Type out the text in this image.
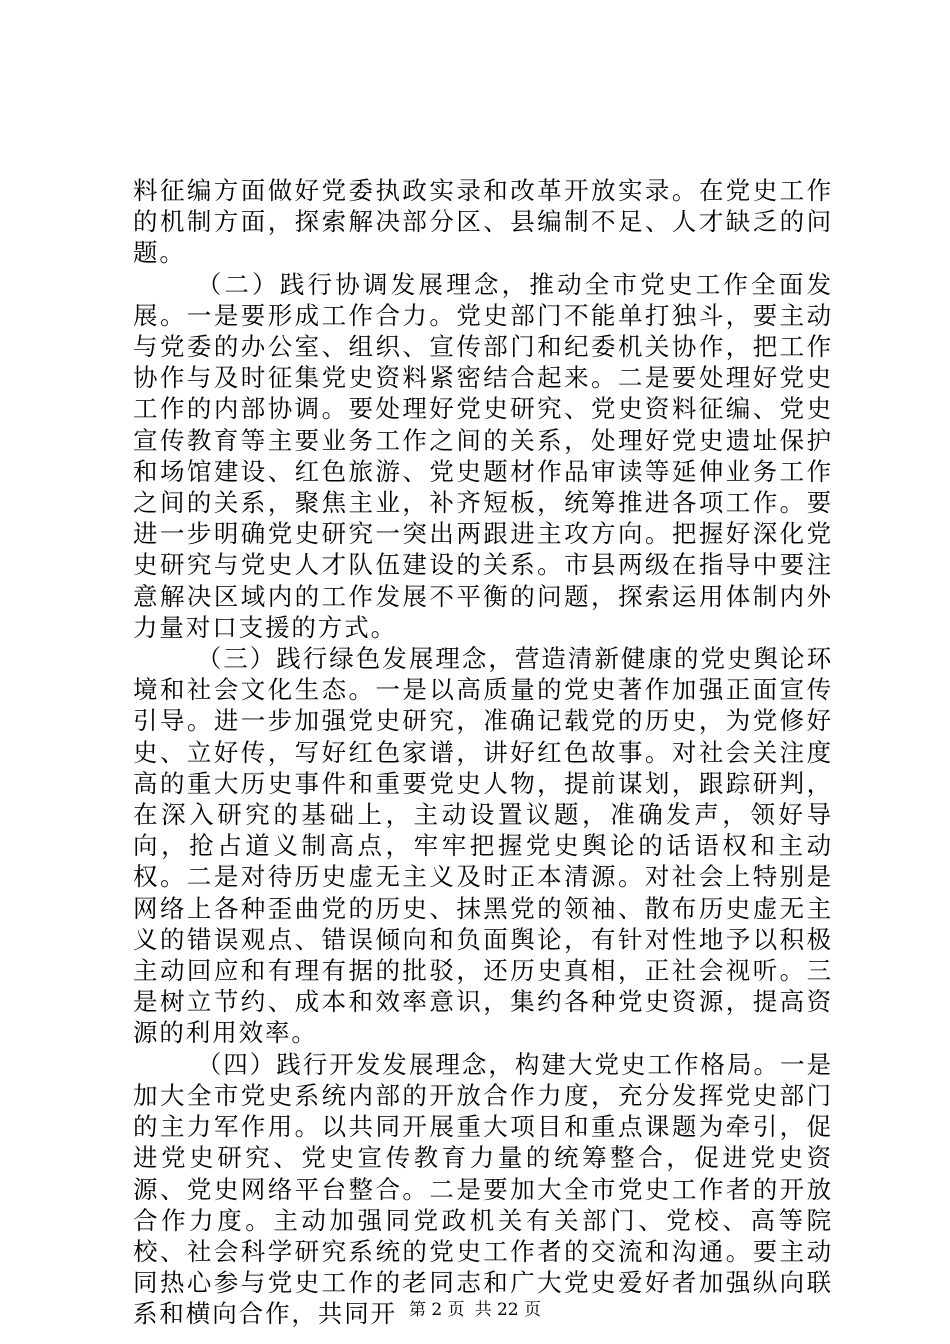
料征编方面做好党委执政实录和改革开放实录。在党史工作的机制方面，探索解决部分区、县编制不足、人才缺乏的问题。

（二）践行协调发展理念，推动全市党史工作全面发展。一是要形成工作合力。党史部门不能单打独斗，要主动与党委的办公室、组织、宣传部门和纪委机关协作，把工作协作与及时征集党史资料紧密结合起来。二是要处理好党史工作的内部协调。要处理好党史研究、党史资料征编、党史宣传教育等主要业务工作之间的关系，处理好党史遗址保护和场馆建设、红色旅游、党史题材作品审读等延伸业务工作之间的关系，聚焦主业，补齐短板，统筹推进各项工作。要进一步明确党史研究一突出两跟进主攻方向。把握好深化党史研究与党史人才队伍建设的关系。市县两级在指导中要注意解决区域内的工作发展不平衡的问题，探索运用体制内外力量对口支援的方式。

（三）践行绿色发展理念，营造清新健康的党史舆论环境和社会文化生态。一是以高质量的党史著作加强正面宣传引导。进一步加强党史研究，准确记载党的历史，为党修好史、立好传，写好红色家谱，讲好红色故事。对社会关注度高的重大历史事件和重要党史人物，提前谋划，跟踪研判，在深入研究的基础上，主动设置议题，准确发声，领好导向，抢占道义制高点，牢牢把握党史舆论的话语权和主动权。二是对待历史虚无主义及时正本清源。对社会上特别是网络上各种歪曲党的历史、抹黑党的领袖、散布历史虚无主义的错误观点、错误倾向和负面舆论，有针对性地予以积极主动回应和有理有据的批驳，还历史真相，正社会视听。三是树立节约、成本和效率意识，集约各种党史资源，提高资源的利用效率。

（四）践行开发发展理念，构建大党史工作格局。一是加大全市党史系统内部的开放合作力度，充分发挥党史部门的主力军作用。以共同开展重大项目和重点课题为牵引，促进党史研究、党史宣传教育力量的统筹整合，促进党史资源、党史网络平台整合。二是要加大全市党史工作者的开放合作力度。主动加强同党政机关有关部门、党校、高等院校、社会科学研究系统的党史工作者的交流和沟通。要主动同热心参与党史工作的老同志和广大党史爱好者加强纵向联系和横向合作，共同开 第 2 页 共 22 页
